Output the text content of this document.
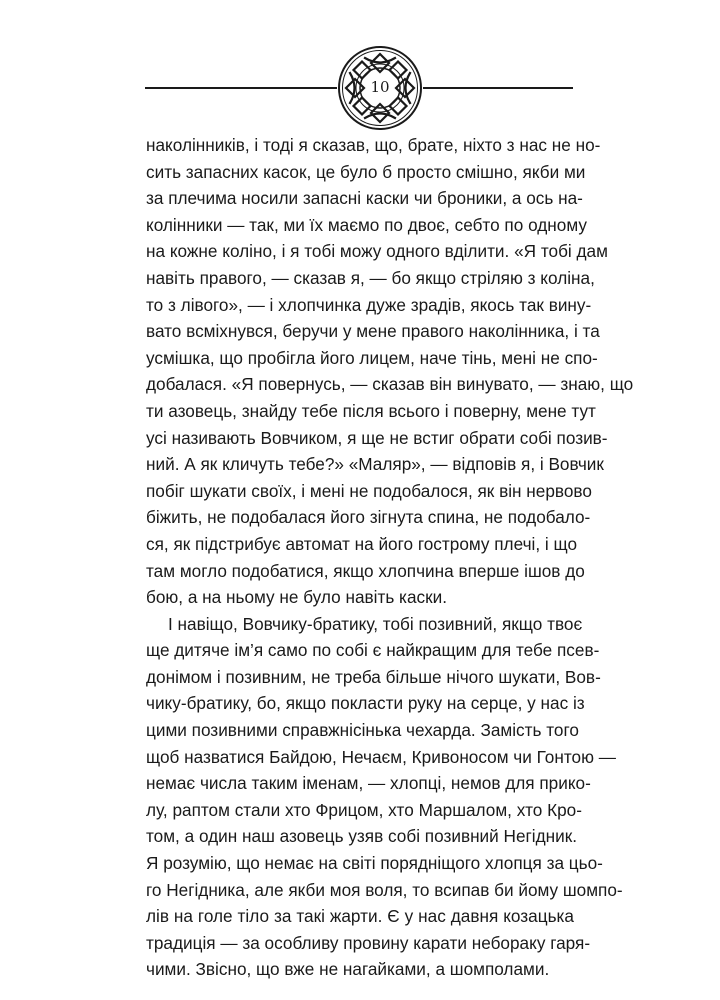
10
наколінників, і тоді я сказав, що, брате, ніхто з нас не но-
сить запасних касок, це було б просто смішно, якби ми
за плечима носили запасні каски чи броники, а ось на-
колінники — так, ми їх маємо по двоє, себто по одному
на кожне коліно, і я тобі можу одного вділити. «Я тобі дам
навіть правого, — сказав я, — бо якщо стріляю з коліна,
то з лівого», — і хлопчинка дуже зрадів, якось так вину-
вато всміхнувся, беручи у мене правого наколінника, і та
усмішка, що пробігла його лицем, наче тінь, мені не спо-
добалася. «Я повернусь, — сказав він винувато, — знаю, що
ти азовець, знайду тебе після всього і поверну, мене тут
усі називають Вовчиком, я ще не встиг обрати собі позив-
ний. А як кличуть тебе?» «Маляр», — відповів я, і Вовчик
побіг шукати своїх, і мені не подобалося, як він нервово
біжить, не подобалася його зігнута спина, не подобало-
ся, як підстрибує автомат на його гострому плечі, і що
там могло подобатися, якщо хлопчина вперше ішов до
бою, а на ньому не було навіть каски.
І навіщо, Вовчику-братику, тобі позивний, якщо твоє
ще дитяче ім’я само по собі є найкращим для тебе псев-
донімом і позивним, не треба більше нічого шукати, Вов-
чику-братику, бо, якщо покласти руку на серце, у нас із
цими позивними справжнісінька чехарда. Замість того
щоб назватися Байдою, Нечаєм, Кривоносом чи Гонтою —
немає числа таким іменам, — хлопці, немов для прико-
лу, раптом стали хто Фрицом, хто Маршалом, хто Кро-
том, а один наш азовець узяв собі позивний Негідник.
Я розумію, що немає на світі порядніщого хлопця за цьо-
го Негідника, але якби моя воля, то всипав би йому шомпо-
лів на голе тіло за такі жарти. Є у нас давня козацька
традиція — за особливу провину карати небораку гаря-
чими. Звісно, що вже не нагайками, а шомполами.
